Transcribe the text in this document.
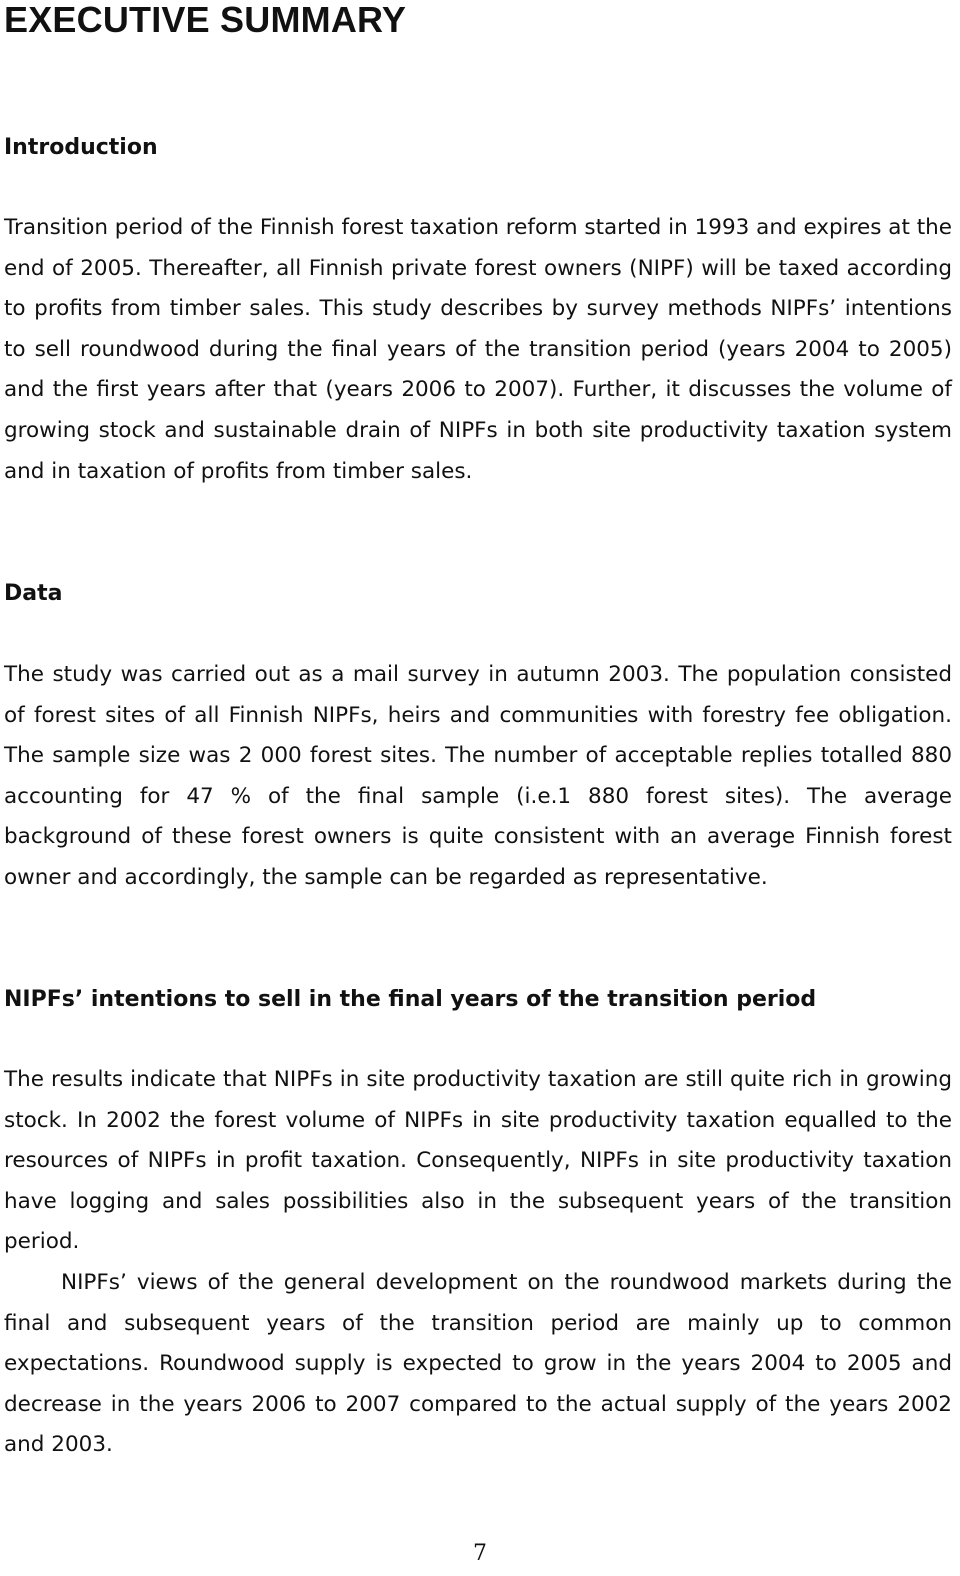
EXECUTIVE SUMMARY
Introduction

Transition period of the Finnish forest taxation reform started in 1993 and expires at the end of 2005. Thereafter, all Finnish private forest owners (NIPF) will be taxed according to profits from timber sales. This study describes by survey methods NIPFs’ intentions to sell roundwood during the final years of the transition period (years 2004 to 2005) and the first years after that (years 2006 to 2007). Further, it discusses the volume of growing stock and sustainable drain of NIPFs in both site productivity taxation system and in taxation of profits from timber sales.

Data

The study was carried out as a mail survey in autumn 2003. The population consisted of forest sites of all Finnish NIPFs, heirs and communities with forestry fee obligation. The sample size was 2 000 forest sites. The number of acceptable replies totalled 880 accounting for 47 % of the final sample (i.e.1 880 forest sites). The average background of these forest owners is quite consistent with an average Finnish forest owner and accordingly, the sample can be regarded as representative.

NIPFs’ intentions to sell in the final years of the transition period

The results indicate that NIPFs in site productivity taxation are still quite rich in growing stock. In 2002 the forest volume of NIPFs in site productivity taxation equalled to the resources of NIPFs in profit taxation. Consequently, NIPFs in site productivity taxation have logging and sales possibilities also in the subsequent years of the transition period.

NIPFs’ views of the general development on the roundwood markets during the final and subsequent years of the transition period are mainly up to common expectations. Roundwood supply is expected to grow in the years 2004 to 2005 and decrease in the years 2006 to 2007 compared to the actual supply of the years 2002 and 2003.

7
